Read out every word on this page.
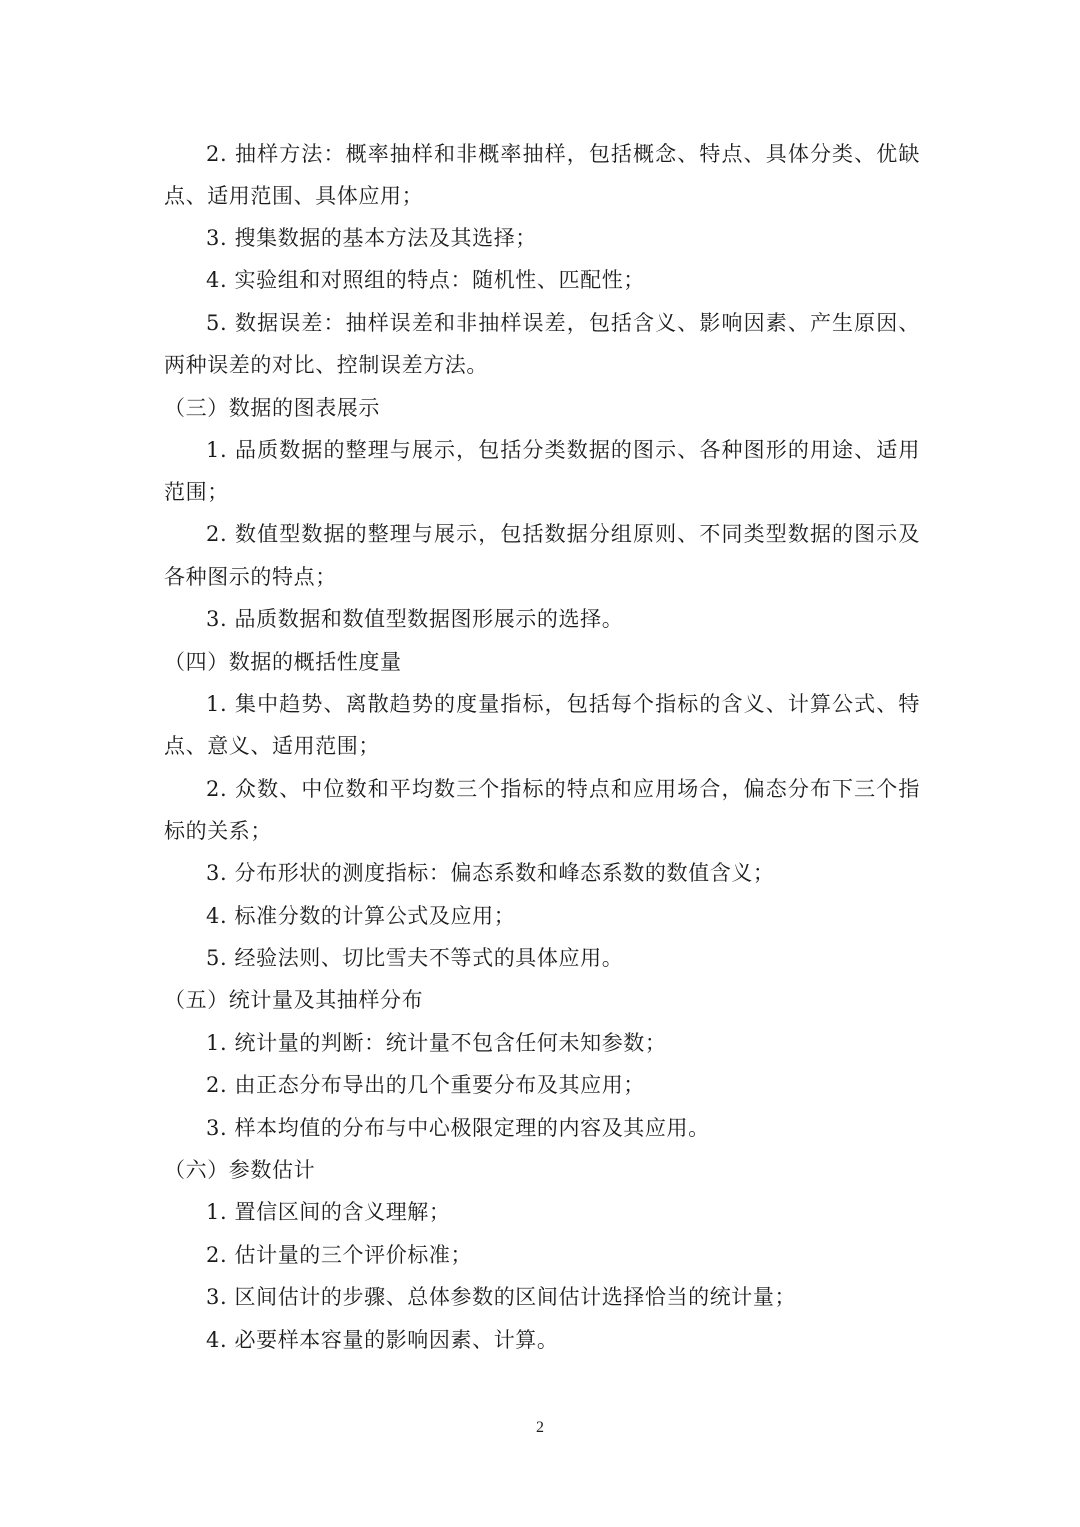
2. 抽样方法：概率抽样和非概率抽样，包括概念、特点、具体分类、优缺
点、适用范围、具体应用；
3. 搜集数据的基本方法及其选择；
4. 实验组和对照组的特点：随机性、匹配性；
5. 数据误差：抽样误差和非抽样误差，包括含义、影响因素、产生原因、
两种误差的对比、控制误差方法。
（三）数据的图表展示
1. 品质数据的整理与展示，包括分类数据的图示、各种图形的用途、适用
范围；
2. 数值型数据的整理与展示，包括数据分组原则、不同类型数据的图示及
各种图示的特点；
3. 品质数据和数值型数据图形展示的选择。
（四）数据的概括性度量
1. 集中趋势、离散趋势的度量指标，包括每个指标的含义、计算公式、特
点、意义、适用范围；
2. 众数、中位数和平均数三个指标的特点和应用场合，偏态分布下三个指
标的关系；
3. 分布形状的测度指标：偏态系数和峰态系数的数值含义；
4. 标准分数的计算公式及应用；
5. 经验法则、切比雪夫不等式的具体应用。
（五）统计量及其抽样分布
1. 统计量的判断：统计量不包含任何未知参数；
2. 由正态分布导出的几个重要分布及其应用；
3. 样本均值的分布与中心极限定理的内容及其应用。
（六）参数估计
1. 置信区间的含义理解；
2. 估计量的三个评价标准；
3. 区间估计的步骤、总体参数的区间估计选择恰当的统计量；
4. 必要样本容量的影响因素、计算。
2
